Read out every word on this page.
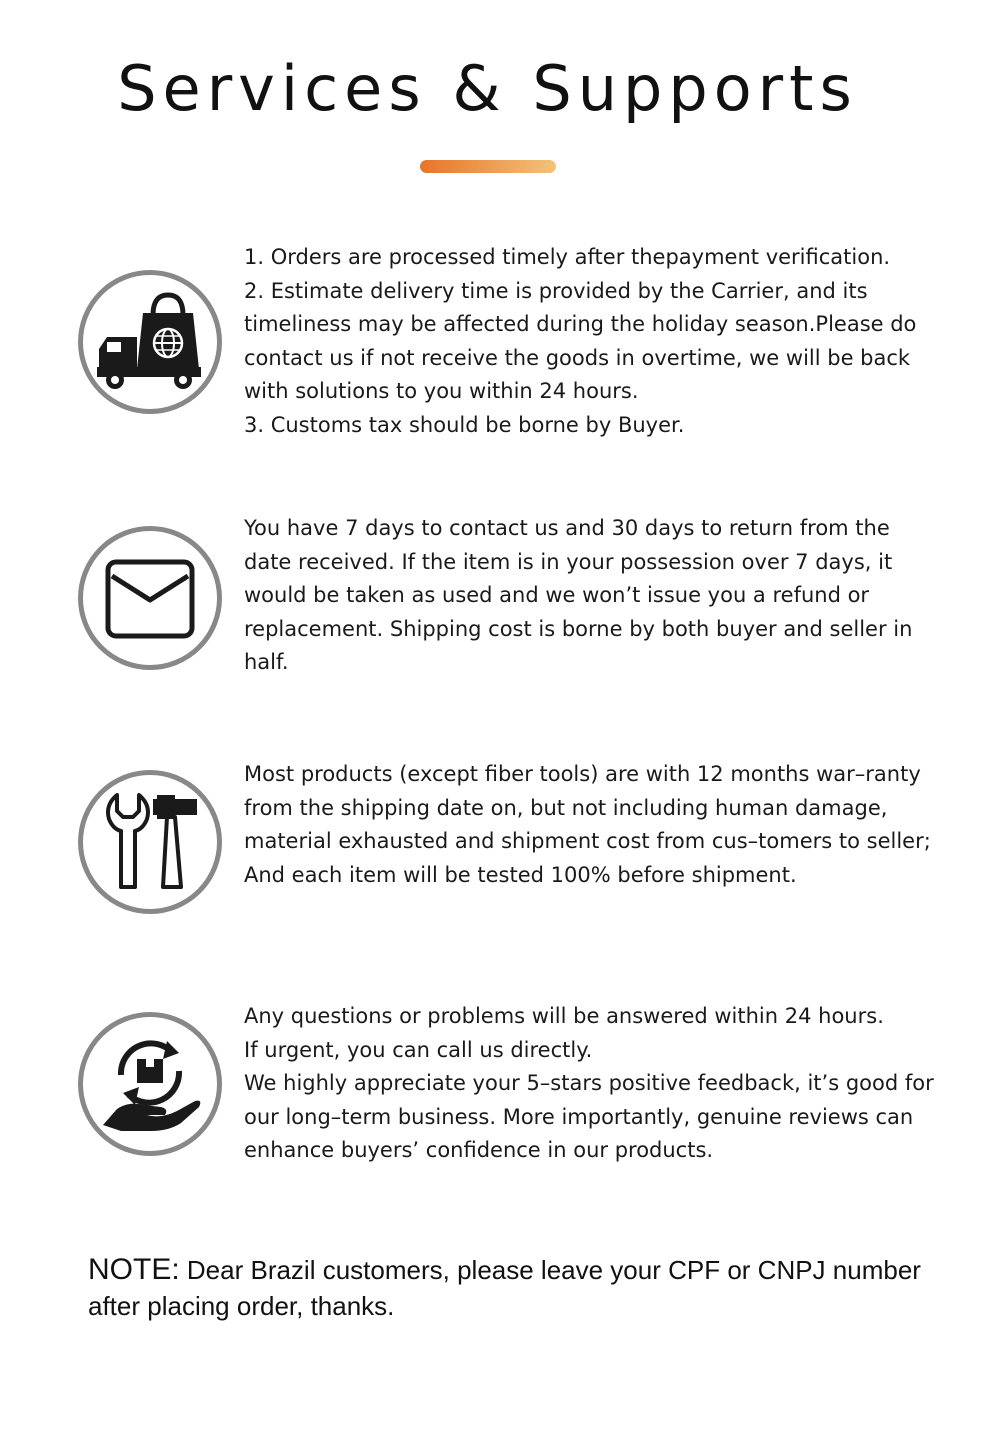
Services & Supports

1. Orders are processed timely after thepayment verification.

2. Estimate delivery time is provided by the Carrier, and its timeliness may be affected during the holiday season.Please do contact us if not receive the goods in overtime, we will be back with solutions to you within 24 hours.

3. Customs tax should be borne by Buyer.

You have 7 days to contact us and 30 days to return from the date received. If the item is in your possession over 7 days, it would be taken as used and we won’t issue you a refund or replacement. Shipping cost is borne by both buyer and seller in half.

Most products (except fiber tools) are with 12 months war–ranty from the shipping date on, but not including human damage, material exhausted and shipment cost from cus–tomers to seller; And each item will be tested 100% before shipment.

Any questions or problems will be answered within 24 hours.

If urgent, you can call us directly.

We highly appreciate your 5–stars positive feedback, it’s good for our long–term business. More importantly, genuine reviews can enhance buyers’ confidence in our products.

NOTE: Dear Brazil customers, please leave your CPF or CNPJ number after placing order, thanks.
